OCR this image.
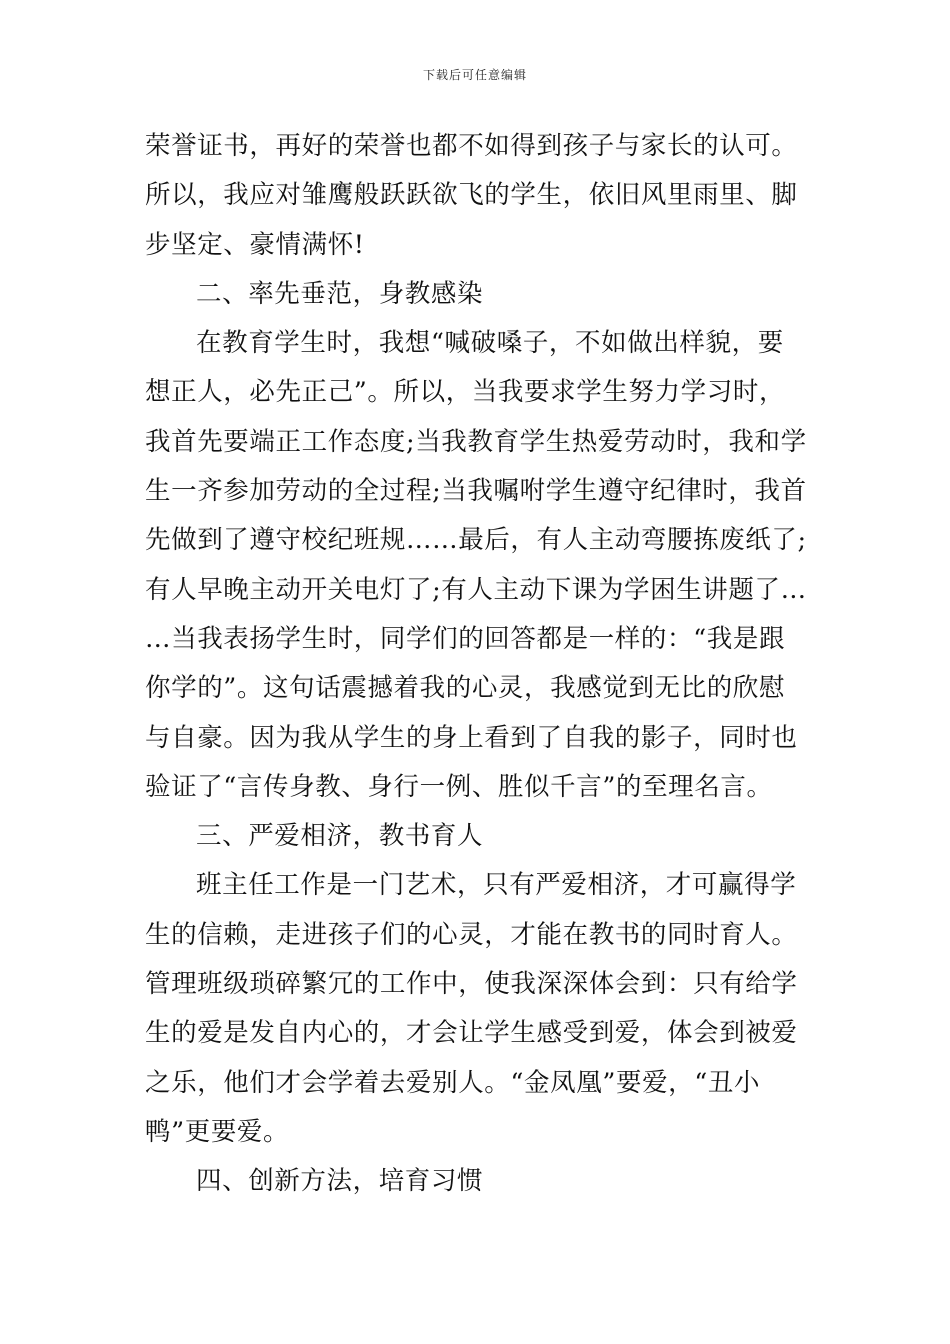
下载后可任意编辑
荣誉证书，再好的荣誉也都不如得到孩子与家长的认可。
所以，我应对雏鹰般跃跃欲飞的学生，依旧风里雨里、脚
步坚定、豪情满怀!
二、率先垂范，身教感染
在教育学生时，我想“喊破嗓子，不如做出样貌，要
想正人，必先正己”。所以，当我要求学生努力学习时，
我首先要端正工作态度;当我教育学生热爱劳动时，我和学
生一齐参加劳动的全过程;当我嘱咐学生遵守纪律时，我首
先做到了遵守校纪班规……最后，有人主动弯腰拣废纸了;
有人早晚主动开关电灯了;有人主动下课为学困生讲题了…
…当我表扬学生时，同学们的回答都是一样的：“我是跟
你学的”。这句话震撼着我的心灵，我感觉到无比的欣慰
与自豪。因为我从学生的身上看到了自我的影子，同时也
验证了“言传身教、身行一例、胜似千言”的至理名言。
三、严爱相济，教书育人
班主任工作是一门艺术，只有严爱相济，才可赢得学
生的信赖，走进孩子们的心灵，才能在教书的同时育人。
管理班级琐碎繁冗的工作中，使我深深体会到：只有给学
生的爱是发自内心的，才会让学生感受到爱，体会到被爱
之乐，他们才会学着去爱别人。“金凤凰”要爱，“丑小
鸭”更要爱。
四、创新方法，培育习惯
